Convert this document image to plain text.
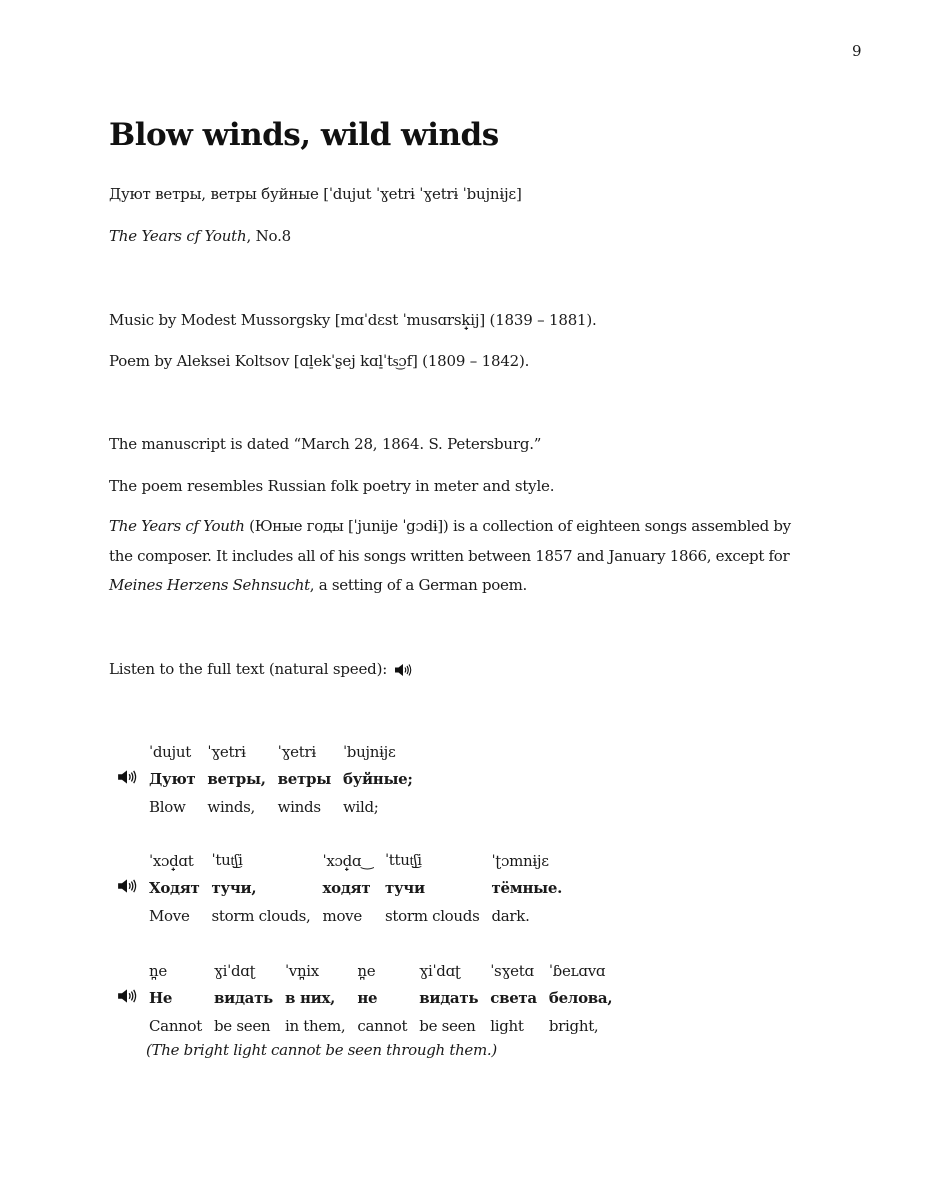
9
Blow winds, wild winds
Дуют ветры, ветры буйные [ˈdujut ˈɣetrɨ ˈɣetrɨ ˈbujnɨjɛ]
The Years cf Youth, No.8
Music by Modest Mussorgsky [mɑˈdɛst ˈmusɑrsk̟ij] (1839 – 1881).
Poem by Aleksei Koltsov [ɑl̠ekˈʂej kɑl̠ˈts͜ɔf] (1809 – 1842).
The manuscript is dated “March 28, 1864. S. Petersburg.”
The poem resembles Russian folk poetry in meter and style.

The Years cf Youth (Юные годы [ˈjunije ˈgɔdɨ]) is a collection of eighteen songs assembled by the composer. It includes all of his songs written between 1857 and January 1866, except for Meines Herzens Sehnsucht, a setting of a German poem.

Listen to the full text (natural speed):
ˈdujut	ˈɣetrɨ	ˈɣetrɨ	ˈbujnɨjɛ
Дуют	ветры,	ветры	буйные;
Blow	winds,	winds	wild;
ˈxɔd̟ɑt	ˈtut͜ʃi	ˈxɔd̟ɑ‿	ˈttut͜ʃi	ˈʈɔmnɨjɛ
Ходят	тучи,	ходят	тучи	тёмные.
Move	storm clouds,	move	storm clouds	dark.
n̪e	ɣiˈdɑʈ	ˈvn̪ix	n̪e	ɣiˈdɑʈ	ˈsɣetɑ	ˈɓeʟɑvɑ
Не	видать	в них,	не	видать	света	белова,
Cannot	be seen	in them,	cannot	be seen	light	bright,
(The bright light cannot be seen through them.)
